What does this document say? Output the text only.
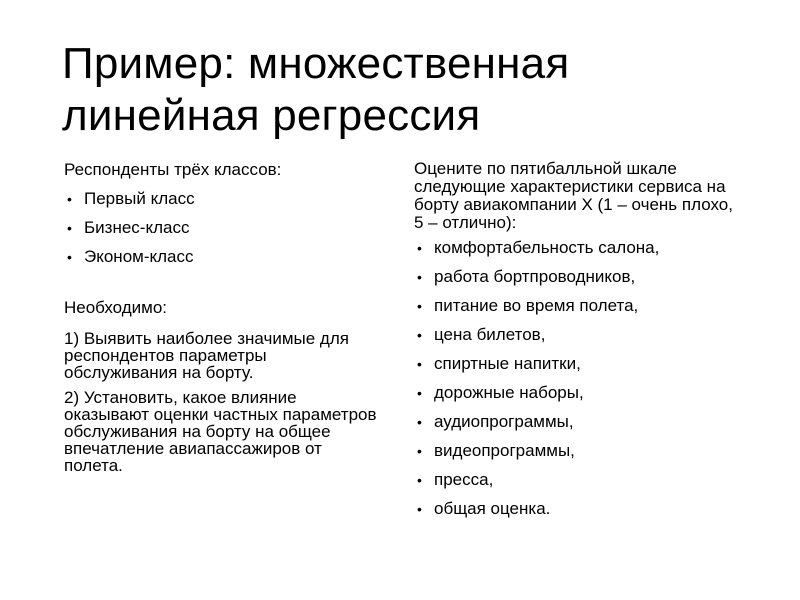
Пример: множественная
линейная регрессия
Респонденты трёх классов:
• Первый класс
• Бизнес-класс
• Эконом-класс
Необходимо:
1) Выявить наиболее значимые для респондентов параметры обслуживания на борту.
2) Установить, какое влияние оказывают оценки частных параметров обслуживания на борту на общее впечатление авиапассажиров от полета.
Оцените по пятибалльной шкале следующие характеристики сервиса на борту авиакомпании X (1 – очень плохо, 5 – отлично):
• комфортабельность салона,
• работа бортпроводников,
• питание во время полета,
• цена билетов,
• спиртные напитки,
• дорожные наборы,
• аудиопрограммы,
• видеопрограммы,
• пресса,
• общая оценка.
